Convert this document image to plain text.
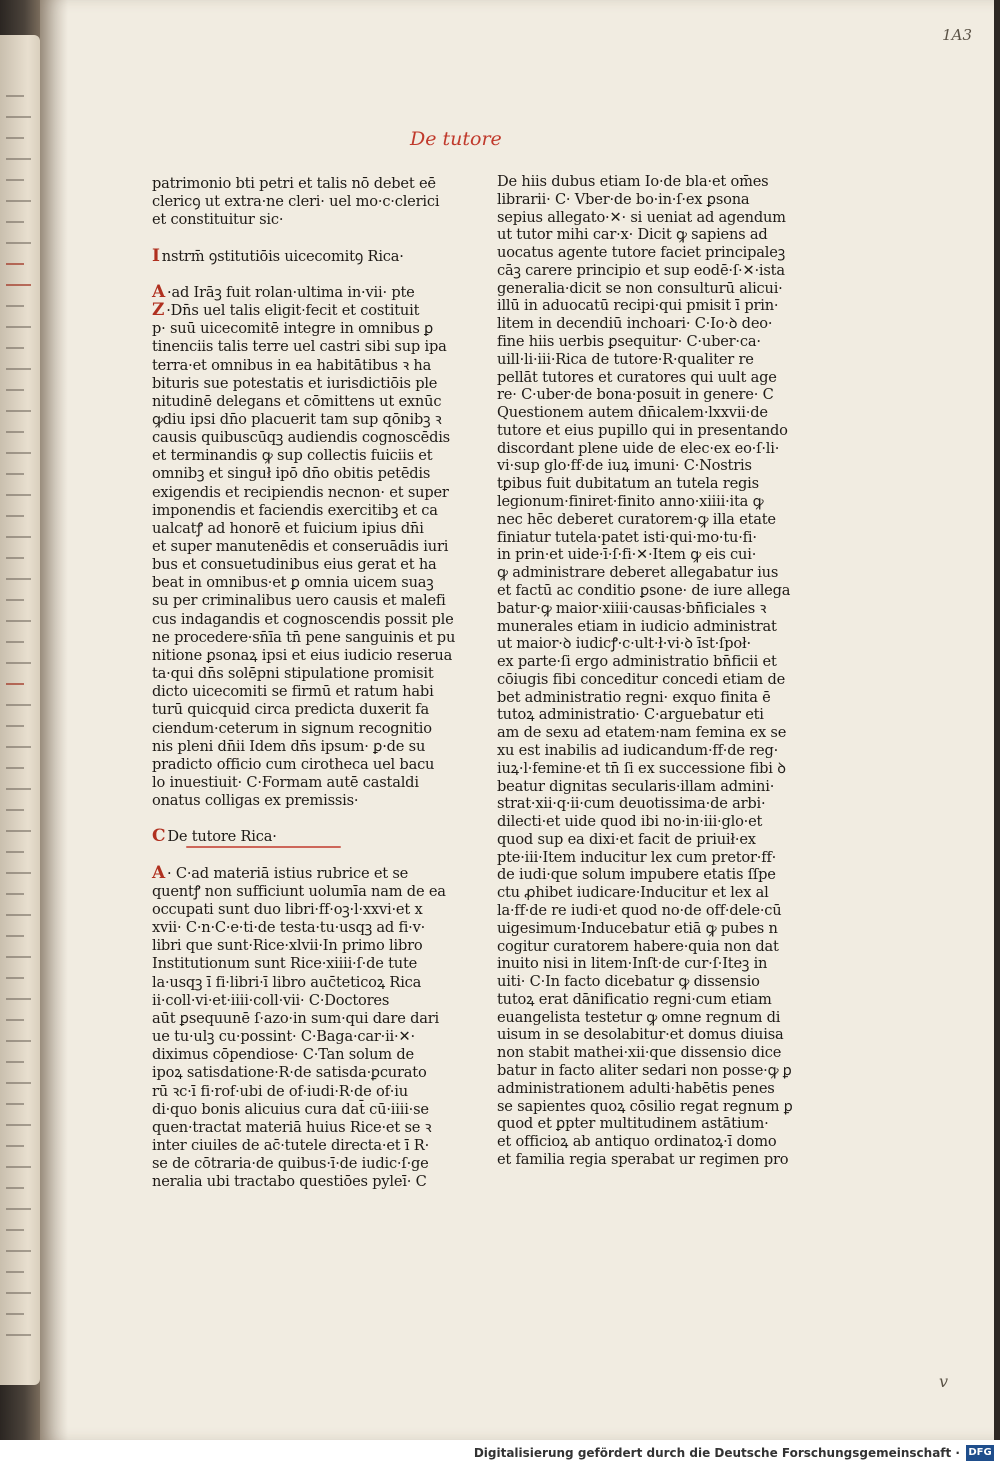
1A3
De tutore
patrimonio bti petri et talis nō debet eē
clericꝯ ut extra·ne cleri· uel mo·c·clerici
et constituitur sic·
I nstrm̄ ꝯstitutiōis uicecomitꝯ Rica·
A ·ad Irāꝫ fuit rolan·ultima in·vii· pte
Z ·Dn̄s uel talis eligit·fecit et costituit
p· suū uicecomitē integre in omnibus ꝑ
tinenciis talis terre uel castri sibi sup ipa
terra·et omnibus in ea habitātibus ꝛ ha
bituris sue potestatis et iurisdictiōis ple
nitudinē delegans et cōmittens ut exnūc
ꝙdiu ipsi dn̄o placuerit tam sup qōnibꝫ ꝛ
causis quibuscūqꝫ audiendis cognoscēdis
et terminandis ꝙ sup collectis fuiciis et
omnibꝫ et singuł ipō dn̄o obitis petēdis
exigendis et recipiendis necnon· et super
imponendis et faciendis exercitibꝫ et ca
ualcatꝭ ad honorē et fuicium ipius dn̄i
et super manutenēdis et conseruādis iuri
bus et consuetudinibus eius gerat et ha
beat in omnibus·et ꝑ omnia uicem suaꝫ
su per criminalibus uero causis et malefi
cus indagandis et cognoscendis possit ple
ne procedere·sn̄īa tn̄ pene sanguinis et pu
nitione ꝑsonaꝝ ipsi et eius iudicio reserua
ta·qui dn̄s solēpni stipulatione promisit
dicto uicecomiti se firmū et ratum habi
turū quicquid circa predicta duxerit fa
ciendum·ceterum in signum recognitio
nis pleni dn̄ii Idem dn̄s ipsum· ꝑ·de su
pradicto officio cum cirotheca uel bacu
lo inuestiuit· C·Formam autē castaldi
onatus colligas ex premissis·
C De tutore Rica·
A · C·ad materiā istius rubrice et se
quentꝭ non sufficiunt uolumīa nam de ea
occupati sunt duo libri·ff·oꝫ·l·xxvi·et x
xvii· C·n·C·e·ti·de testa·tu·usqꝫ ad fi·v·
libri que sunt·Rice·xlvii·In primo libro
Institutionum sunt Rice·xiiii·ſ·de tute
la·usqꝫ ī fi·libri·ī libro auc̄teticoꝝ Rica
ii·coll·vi·et·iiii·coll·vii· C·Doctores
aūt ꝑsequunē ſ·azo·in sum·qui dare dari
ue tu·ulꝫ cu·possint· C·Baga·car·ii·✕·
diximus cōpendiose· C·Tan solum de
ipoꝝ satisdatione·R·de satisda·ꝑcurato
rū ꝛc·ī fi·rof·ubi de of·iudi·R·de of·iu
di·quo bonis alicuius cura dat̄ cū·iiii·se
quen·tractat materiā huius Rice·et se ꝛ
inter ciuiles de ac̄·tutele directa·et ī R·
se de cōtraria·de quibus·ī·de iudic·ſ·ge
neralia ubi tractabo questiōes pyleī· C
De hiis dubus etiam Io·de bla·et om̄es
librarii· C· Vber·de bo·in·ſ·ex ꝑsona
sepius allegato·✕· si ueniat ad agendum
ut tutor mihi car·x· Dicit ꝙ sapiens ad
uocatus agente tutore faciet principaleꝫ
cāꝫ carere principio et sup eodē·ſ·✕·ista
generalia·dicit se non consulturū alicui·
illū in aduocatū recipi·qui pmisit ī prin·
litem in decendiū inchoari· C·Io·ꝺ deo·
fine hiis uerbis ꝑsequitur· C·uber·ca·
uill·li·iii·Rica de tutore·R·qualiter re
pellāt tutores et curatores qui uult age
re· C·uber·de bona·posuit in genere· C
Questionem autem dn̄icalem·lxxvii·de
tutore et eius pupillo qui in presentando
discordant plene uide de elec·ex eo·ſ·li·
vi·sup glo·ff·de iuꝝ imuni· C·Nostris
tꝑibus fuit dubitatum an tutela regis
legionum·finiret·finito anno·xiiii·ita ꝙ
nec hēc deberet curatorem·ꝙ illa etate
finiatur tutela·patet isti·qui·mo·tu·fi·
in prin·et uide·ī·ſ·fi·✕·Item ꝙ eis cui·
ꝙ administrare deberet allegabatur ius
et factū ac conditio ꝑsone· de iure allega
batur·ꝙ maior·xiiii·causas·bn̄ficiales ꝛ
munerales etiam in iudicio administrat
ut maior·ꝺ iudicꝭ·c·ult·ł·vi·ꝺ īst·ſpoł·
ex parte·ſi ergo administratio bn̄ficii et
cōiugis fibi conceditur concedi etiam de
bet administratio regni· exquo finita ē
tutoꝝ administratio· C·arguebatur eti
am de sexu ad etatem·nam femina ex se
xu est inabilis ad iudicandum·ff·de reg·
iuꝝ·l·femine·et tn̄ ſi ex successione fibi ꝺ
beatur dignitas secularis·illam admini·
strat·xii·q·ii·cum deuotissima·de arbi·
dilecti·et uide quod ibi no·in·iii·glo·et
quod sup ea dixi·et facit de priuił·ex
pte·iii·Item inducitur lex cum pretor·ff·
de iudi·que solum impubere etatis ſſpe
ctu ꝓhibet iudicare·Inducitur et lex al
la·ff·de re iudi·et quod no·de off·dele·cū
uigesimum·Inducebatur etiā ꝙ pubes n
cogitur curatorem habere·quia non dat
inuito nisi in litem·Inſt·de cur·ſ·Iteꝫ in
uiti· C·In facto dicebatur ꝙ dissensio
tutoꝝ erat dānificatio regni·cum etiam
euangelista testetur ꝙ omne regnum di
uisum in se desolabitur·et domus diuisa
non stabit mathei·xii·que dissensio dice
batur in facto aliter sedari non posse·ꝙ ꝑ
administrationem adulti·habētis penes
se sapientes quoꝝ cōsilio regat regnum ꝑ
quod et ꝑpter multitudinem astātium·
et officioꝝ ab antiquo ordinatoꝝ·ī domo
et familia regia sperabat ur regimen pro
v
Digitalisierung gefördert durch die Deutsche Forschungsgemeinschaft · DFG
